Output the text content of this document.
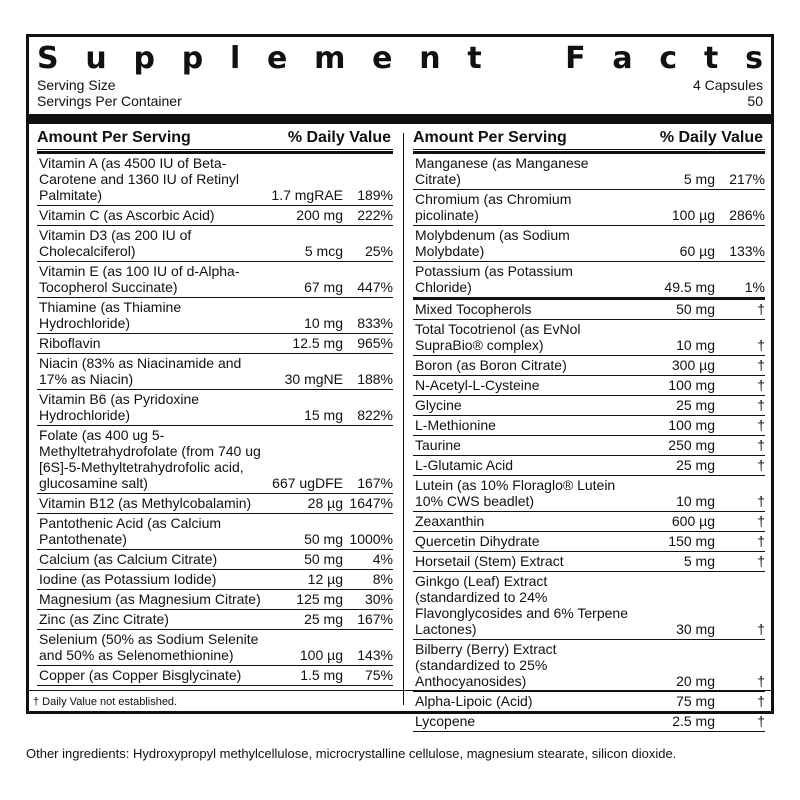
S u p p l e m e n t	F a c t s
Serving Size	4 Capsules
Servings Per Container	50
Amount Per Serving	% Daily Value
Vitamin A (as 4500 IU of Beta-Carotene and 1360 IU of Retinyl Palmitate)	1.7 mgRAE	189%
Vitamin C (as Ascorbic Acid)	200 mg	222%
Vitamin D3 (as 200 IU of Cholecalciferol)	5 mcg	25%
Vitamin E (as 100 IU of d-Alpha-Tocopherol Succinate)	67 mg	447%
Thiamine (as Thiamine Hydrochloride)	10 mg	833%
Riboflavin	12.5 mg	965%
Niacin (83% as Niacinamide and 17% as Niacin)	30 mgNE	188%
Vitamin B6 (as Pyridoxine Hydrochloride)	15 mg	822%
Folate (as 400 ug 5-Methyltetrahydrofolate (from 740 ug [6S]-5-Methyltetrahydrofolic acid, glucosamine salt)	667 ugDFE	167%
Vitamin B12 (as Methylcobalamin)	28 µg 1647%
Pantothenic Acid (as Calcium Pantothenate)	50 mg 1000%
Calcium (as Calcium Citrate)	50 mg	4%
Iodine (as Potassium Iodide)	12 µg	8%
Magnesium (as Magnesium Citrate)	125 mg	30%
Zinc (as Zinc Citrate)	25 mg	167%
Selenium (50% as Sodium Selenite and 50% as Selenomethionine)	100 µg	143%
Copper (as Copper Bisglycinate)	1.5 mg	75%
Amount Per Serving	% Daily Value
Manganese (as Manganese Citrate)	5 mg	217%
Chromium (as Chromium picolinate)	100 µg	286%
Molybdenum (as Sodium Molybdate)	60 µg	133%
Potassium (as Potassium Chloride)	49.5 mg	1%
Mixed Tocopherols	50 mg	†
Total Tocotrienol (as EvNol SupraBio® complex)	10 mg	†
Boron (as Boron Citrate)	300 µg	†
N-Acetyl-L-Cysteine	100 mg	†
Glycine	25 mg	†
L-Methionine	100 mg	†
Taurine	250 mg	†
L-Glutamic Acid	25 mg	†
Lutein (as 10% Floraglo® Lutein 10% CWS beadlet)	10 mg	†
Zeaxanthin	600 µg	†
Quercetin Dihydrate	150 mg	†
Horsetail (Stem) Extract	5 mg	†
Ginkgo (Leaf) Extract (standardized to 24% Flavonglycosides and 6% Terpene Lactones)	30 mg	†
Bilberry (Berry) Extract (standardized to 25% Anthocyanosides)	20 mg	†
Alpha-Lipoic (Acid)	75 mg	†
Lycopene	2.5 mg	†
† Daily Value not established.
Other ingredients: Hydroxypropyl methylcellulose, microcrystalline cellulose, magnesium stearate, silicon dioxide.
